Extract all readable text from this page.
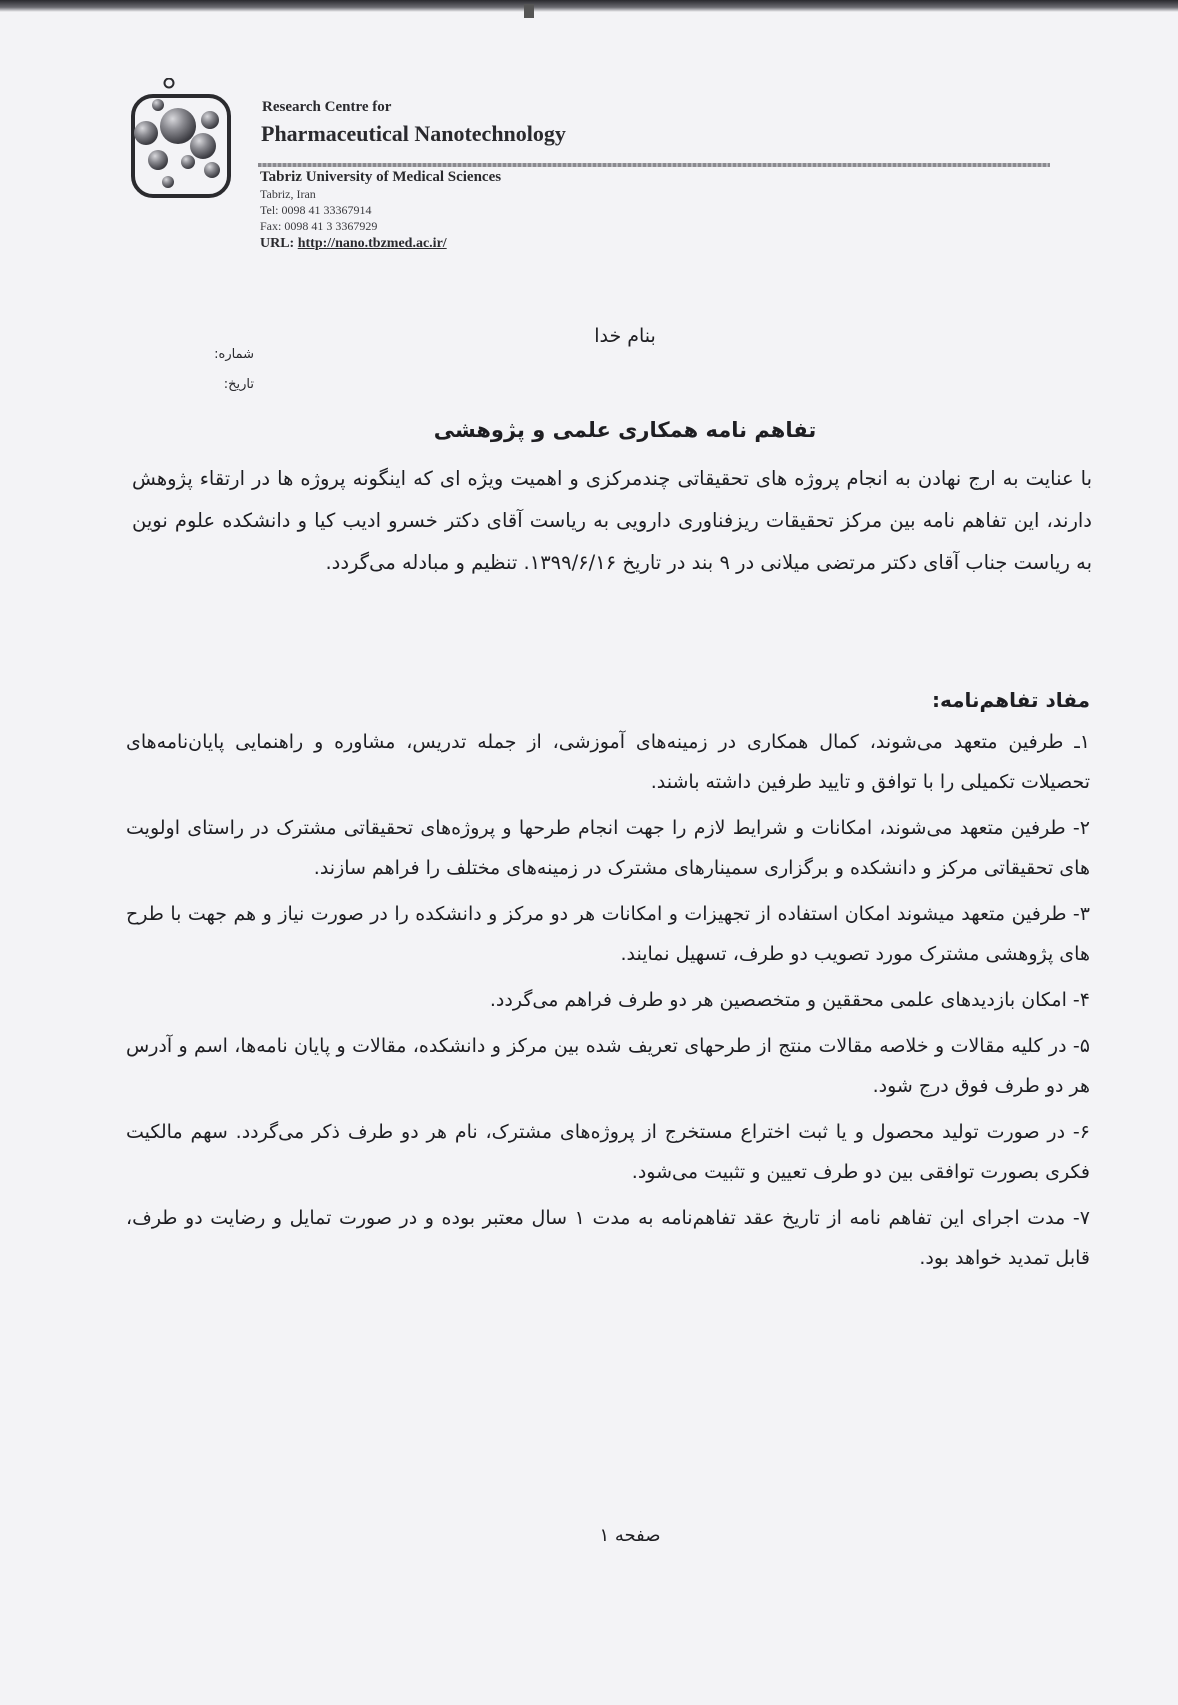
Research Centre for
Pharmaceutical Nanotechnology
Tabriz University of Medical Sciences
Tabriz, Iran
Tel: 0098 41 33367914
Fax: 0098 41 3 3367929
URL: http://nano.tbzmed.ac.ir/
بنام خدا
شماره:
تاریخ:
تفاهم نامه همکاری علمی و پژوهشی

با عنایت به ارج نهادن به انجام پروژه های تحقیقاتی چندمرکزی و اهمیت ویژه ای که اینگونه پروژه ها در ارتقاء پژوهش دارند، این تفاهم نامه بین مرکز تحقیقات ریزفناوری دارویی به ریاست آقای دکتر خسرو ادیب کیا و دانشکده علوم نوین به ریاست جناب آقای دکتر مرتضی میلانی در ۹ بند در تاریخ ۱۳۹۹/۶/۱۶. تنظیم و مبادله می‌گردد.

مفاد تفاهم‌نامه:
۱ـ طرفین متعهد می‌شوند، کمال همکاری در زمینه‌های آموزشی، از جمله تدریس، مشاوره و راهنمایی پایان‌نامه‌های تحصیلات تکمیلی را با توافق و تایید طرفین داشته باشند.
۲- طرفین متعهد می‌شوند، امکانات و شرایط لازم را جهت انجام طرحها و پروژه‌های تحقیقاتی مشترک در راستای اولویت های تحقیقاتی مرکز و دانشکده و برگزاری سمینارهای مشترک در زمینه‌های مختلف را فراهم سازند.
۳- طرفین متعهد میشوند امکان استفاده از تجهیزات و امکانات هر دو مرکز و دانشکده را در صورت نیاز و هم جهت با طرح های پژوهشی مشترک مورد تصویب دو طرف، تسهیل نمایند.
۴- امکان بازدیدهای علمی محققین و متخصصین هر دو طرف فراهم می‌گردد.
۵- در کلیه مقالات و خلاصه مقالات منتج از طرحهای تعریف شده بین مرکز و دانشکده، مقالات و پایان نامه‌ها، اسم و آدرس هر دو طرف فوق درج شود.
۶- در صورت تولید محصول و یا ثبت اختراع مستخرج از پروژه‌های مشترک، نام هر دو طرف ذکر می‌گردد. سهم مالکیت فکری بصورت توافقی بین دو طرف تعیین و تثبیت می‌شود.
۷- مدت اجرای این تفاهم نامه از تاریخ عقد تفاهم‌نامه به مدت ۱ سال معتبر بوده و در صورت تمایل و رضایت دو طرف، قابل تمدید خواهد بود.
صفحه ۱
